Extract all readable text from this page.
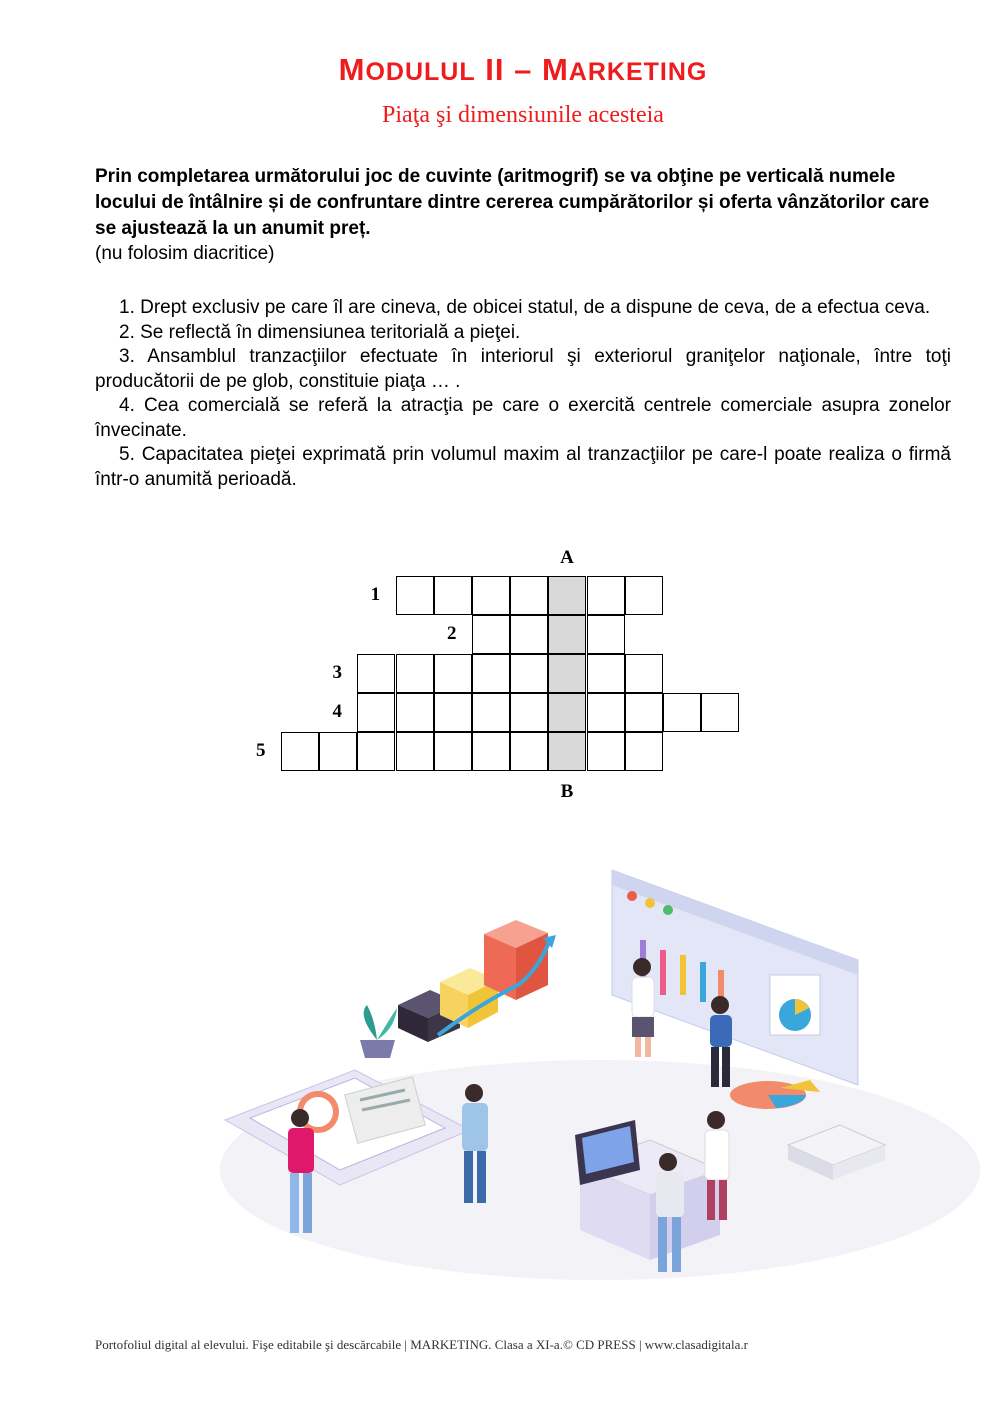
MODULUL II – MARKETING
Piaţa şi dimensiunile acesteia
Prin completarea următorului joc de cuvinte (aritmogrif) se va obţine pe verticală numele locului de întâlnire și de confruntare dintre cererea cumpărătorilor și oferta vânzătorilor care se ajustează la un anumit preț.
(nu folosim diacritice)

1. Drept exclusiv pe care îl are cineva, de obicei statul, de a dispune de ceva, de a efectua ceva.

2. Se reflectă în dimensiunea teritorială a pieţei.

3. Ansamblul tranzacţiilor efectuate în interiorul şi exteriorul graniţelor naţionale, între toţi producătorii de pe glob, constituie piaţa … .

4. Cea comercială se referă la atracţia pe care o exercită centrele comerciale asupra zonelor învecinate.

5. Capacitatea pieţei exprimată prin volumul maxim al tranzacţiilor pe care-l poate realiza o firmă într-o anumită perioadă.

A
B
1
2
3
4
5
Portofoliul digital al elevului. Fişe editabile şi descărcabile | MARKETING. Clasa a XI-a.© CD PRESS | www.clasadigitala.r
